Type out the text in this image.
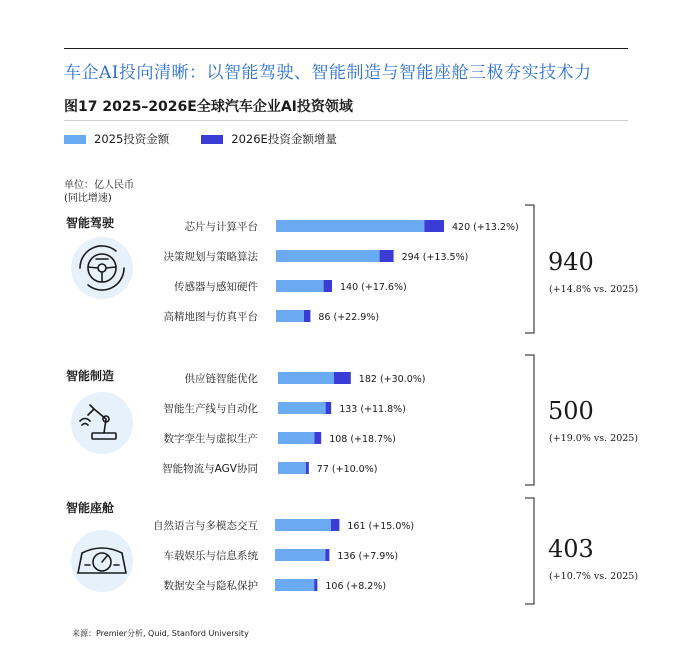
车企AI投向清晰：以智能驾驶、智能制造与智能座舱三极夯实技术力
图17 2025–2026E全球汽车企业AI投资领域
2025投资金额	2026E投资金额增量
单位：亿人民币
(同比增速)
智能驾驶	芯片与计算平台	420 (+13.2%)
决策规划与策略算法	294 (+13.5%)
传感器与感知硬件	140 (+17.6%)
高精地图与仿真平台	86 (+22.9%)
940
(+14.8% vs. 2025)
智能制造	供应链智能优化	182 (+30.0%)
智能生产线与自动化	133 (+11.8%)
数字孪生与虚拟生产	108 (+18.7%)
智能物流与AGV协同	77 (+10.0%)
500
(+19.0% vs. 2025)
智能座舱
自然语言与多模态交互	161 (+15.0%)
车载娱乐与信息系统	136 (+7.9%)
数据安全与隐私保护	106 (+8.2%)
403
(+10.7% vs. 2025)
来源：Premier分析, Quid, Stanford University
